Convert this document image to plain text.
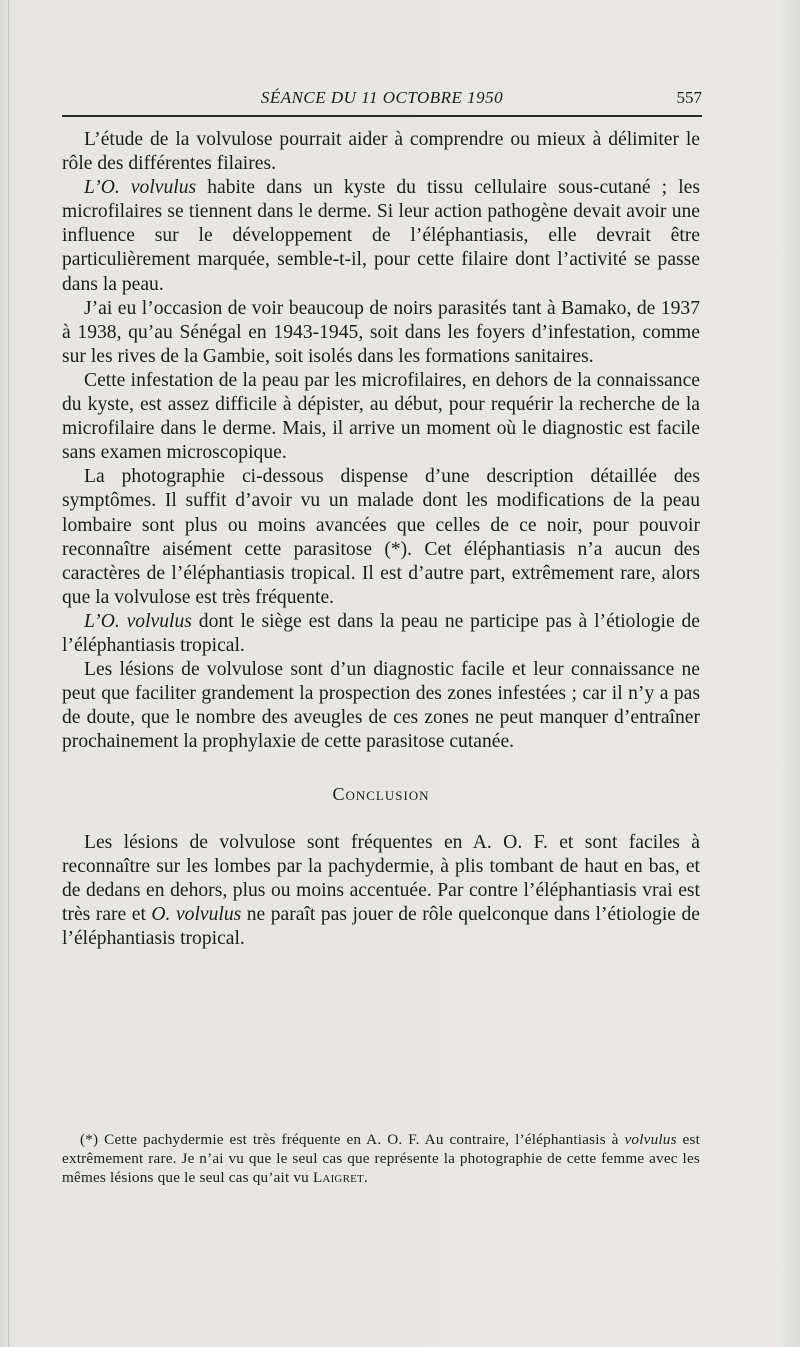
SÉANCE DU 11 OCTOBRE 1950	557

L’étude de la volvulose pourrait aider à comprendre ou mieux à délimiter le rôle des différentes filaires.

L’O. volvulus habite dans un kyste du tissu cellulaire sous-cutané ; les microfilaires se tiennent dans le derme. Si leur action pathogène devait avoir une influence sur le développement de l’éléphantiasis, elle devrait être particulièrement marquée, semble-t-il, pour cette filaire dont l’activité se passe dans la peau.

J’ai eu l’occasion de voir beaucoup de noirs parasités tant à Bamako, de 1937 à 1938, qu’au Sénégal en 1943-1945, soit dans les foyers d’infestation, comme sur les rives de la Gambie, soit isolés dans les formations sanitaires.

Cette infestation de la peau par les microfilaires, en dehors de la connaissance du kyste, est assez difficile à dépister, au début, pour requérir la recherche de la microfilaire dans le derme. Mais, il arrive un moment où le diagnostic est facile sans examen microscopique.

La photographie ci-dessous dispense d’une description détaillée des symptômes. Il suffit d’avoir vu un malade dont les modifications de la peau lombaire sont plus ou moins avancées que celles de ce noir, pour pouvoir reconnaître aisément cette parasitose (*). Cet éléphantiasis n’a aucun des caractères de l’éléphantiasis tropical. Il est d’autre part, extrêmement rare, alors que la volvulose est très fréquente.

L’O. volvulus dont le siège est dans la peau ne participe pas à l’étiologie de l’éléphantiasis tropical.

Les lésions de volvulose sont d’un diagnostic facile et leur connaissance ne peut que faciliter grandement la prospection des zones infestées ; car il n’y a pas de doute, que le nombre des aveugles de ces zones ne peut manquer d’entraîner prochainement la prophylaxie de cette parasitose cutanée.

Conclusion

Les lésions de volvulose sont fréquentes en A. O. F. et sont faciles à reconnaître sur les lombes par la pachydermie, à plis tombant de haut en bas, et de dedans en dehors, plus ou moins accentuée. Par contre l’éléphantiasis vrai est très rare et O. volvulus ne paraît pas jouer de rôle quelconque dans l’étiologie de l’éléphantiasis tropical.

(*) Cette pachydermie est très fréquente en A. O. F. Au contraire, l’éléphantiasis à volvulus est extrêmement rare. Je n’ai vu que le seul cas que représente la photographie de cette femme avec les mêmes lésions que le seul cas qu’ait vu Laigret.
